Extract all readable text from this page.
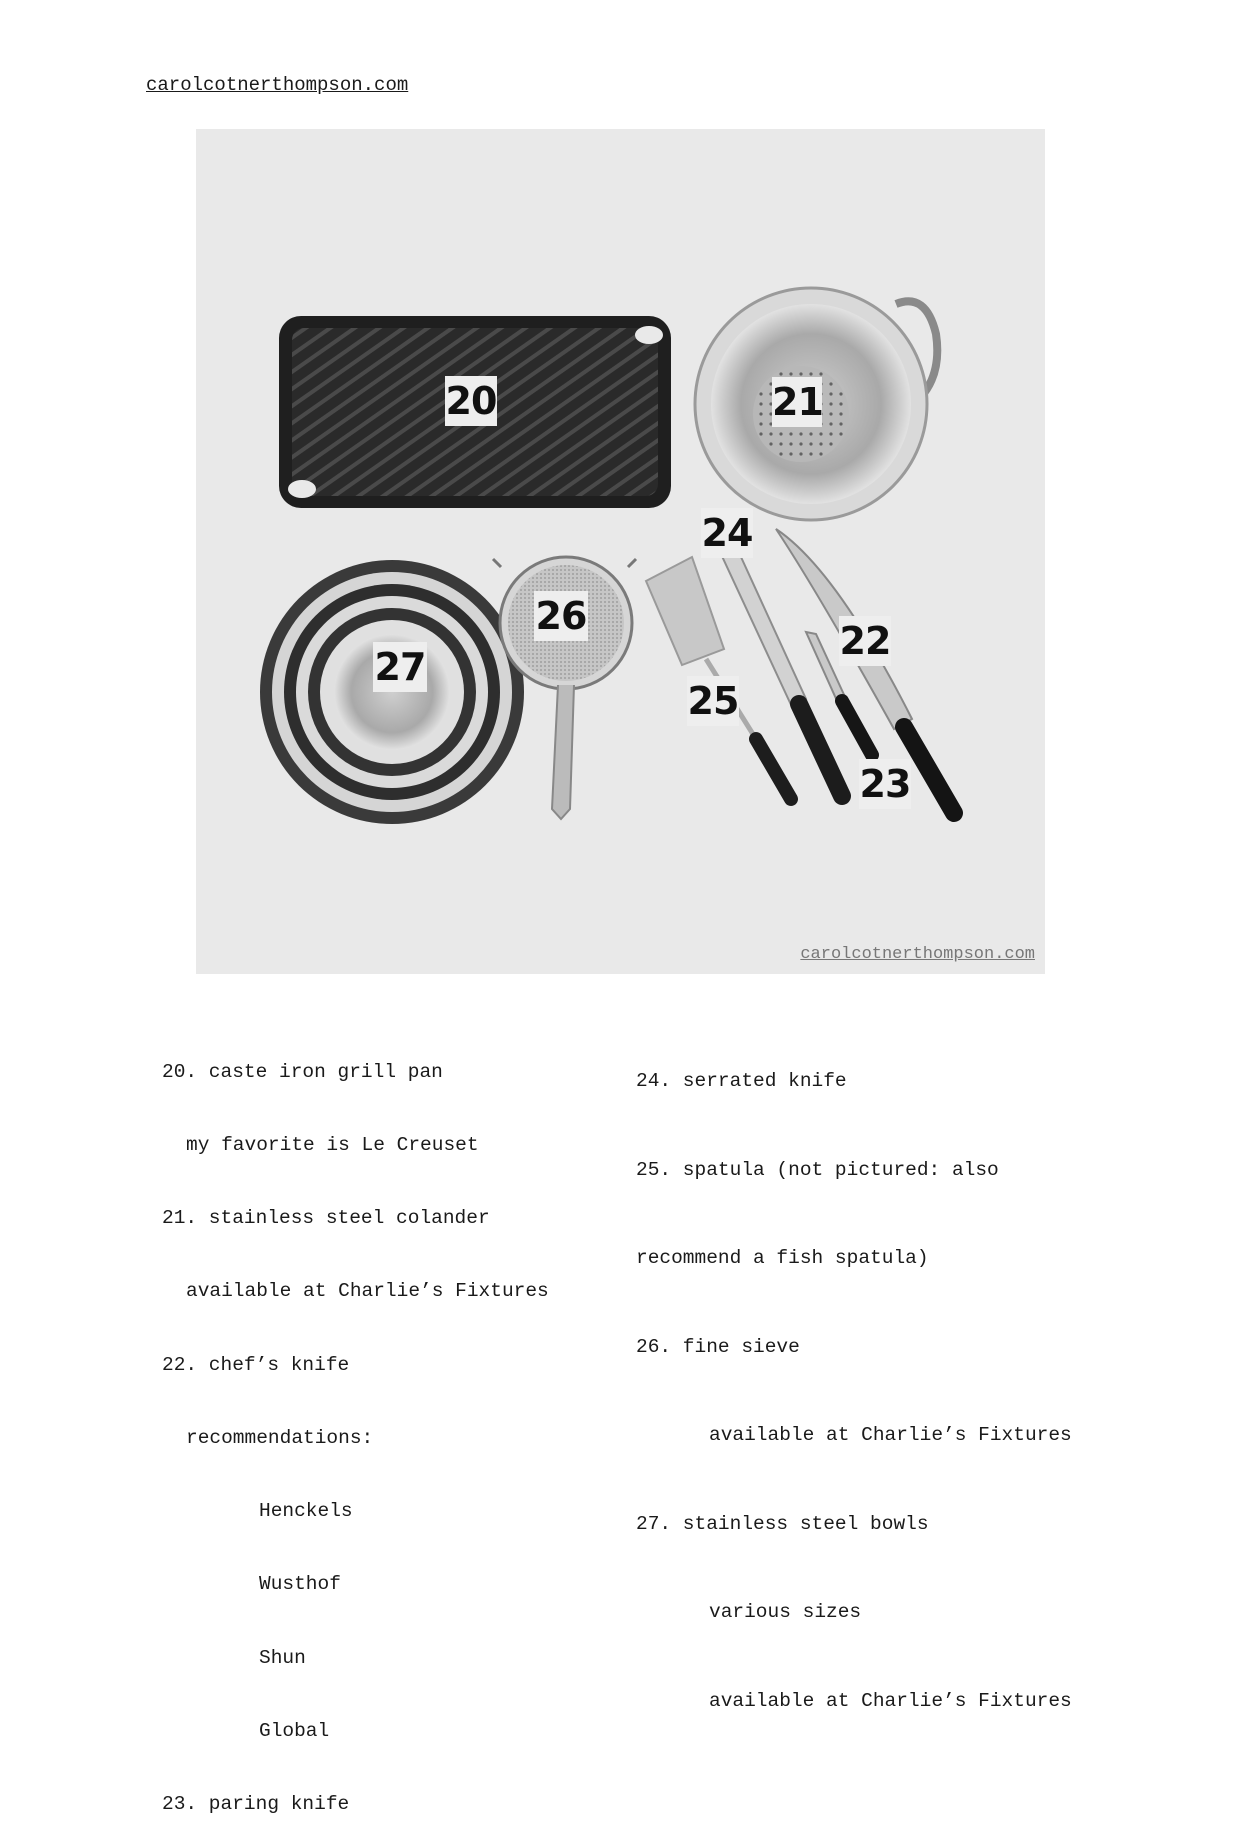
carolcotnerthompson.com
20	21
22
23
24
25
26
27
carolcotnerthompson.com

20. caste iron grill pan

my favorite is Le Creuset

21. stainless steel colander

available at Charlie’s Fixtures

22. chef’s knife

recommendations:

Henckels

Wusthof

Shun

Global

23. paring knife

24. serrated knife

25. spatula (not pictured: also

recommend a fish spatula)

26. fine sieve

available at Charlie’s Fixtures

27. stainless steel bowls

various sizes

available at Charlie’s Fixtures
